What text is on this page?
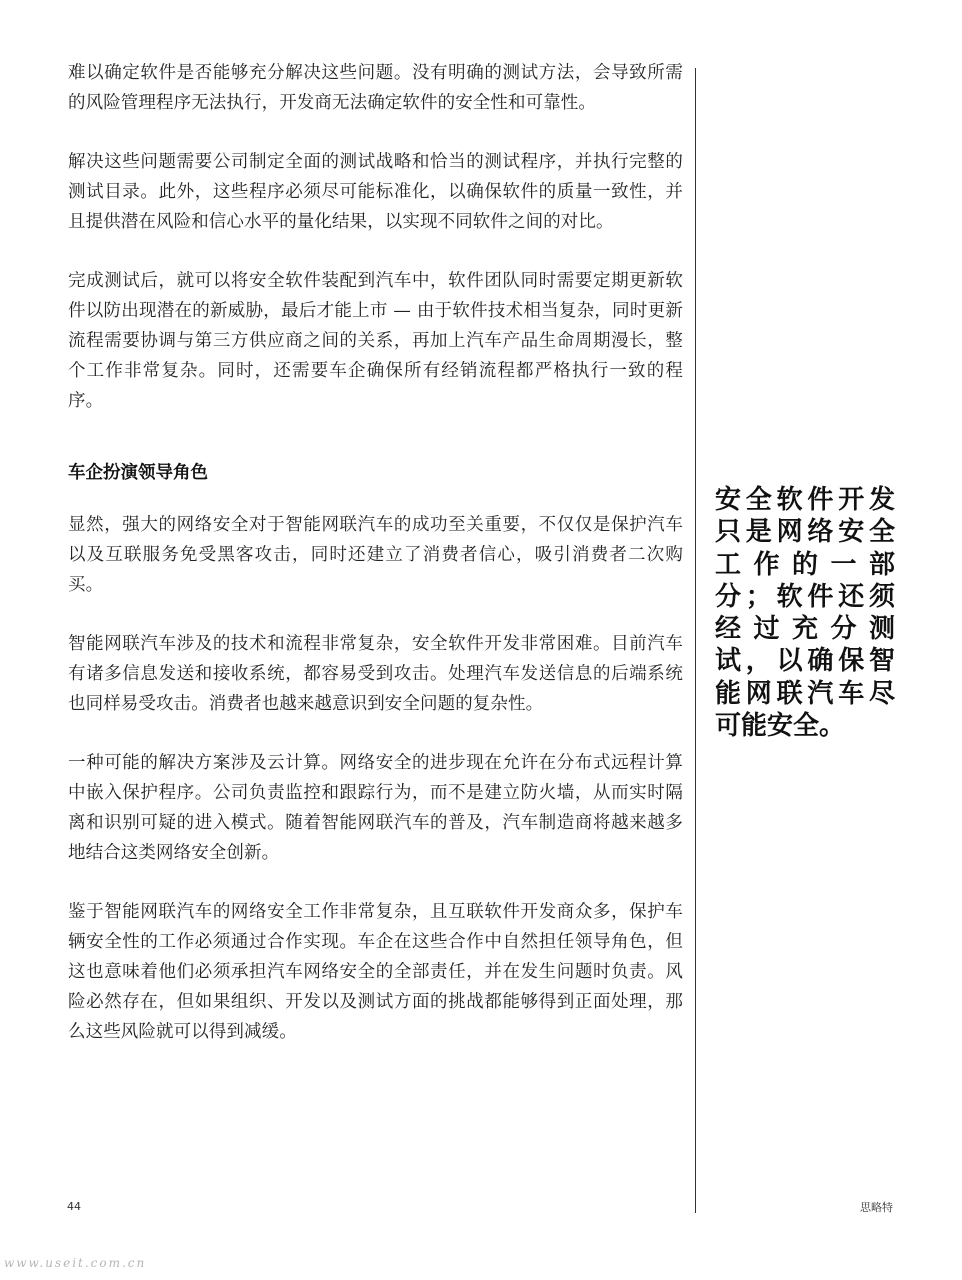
难以确定软件是否能够充分解决这些问题。没有明确的测试方法，会导致所需的风险管理程序无法执行，开发商无法确定软件的安全性和可靠性。

解决这些问题需要公司制定全面的测试战略和恰当的测试程序，并执行完整的测试目录。此外，这些程序必须尽可能标准化，以确保软件的质量一致性，并且提供潜在风险和信心水平的量化结果，以实现不同软件之间的对比。

完成测试后，就可以将安全软件装配到汽车中，软件团队同时需要定期更新软件以防出现潜在的新威胁，最后才能上市 — 由于软件技术相当复杂，同时更新流程需要协调与第三方供应商之间的关系，再加上汽车产品生命周期漫长，整个工作非常复杂。同时，还需要车企确保所有经销流程都严格执行一致的程序。

车企扮演领导角色

显然，强大的网络安全对于智能网联汽车的成功至关重要，不仅仅是保护汽车以及互联服务免受黑客攻击，同时还建立了消费者信心，吸引消费者二次购买。

智能网联汽车涉及的技术和流程非常复杂，安全软件开发非常困难。目前汽车有诸多信息发送和接收系统，都容易受到攻击。处理汽车发送信息的后端系统也同样易受攻击。消费者也越来越意识到安全问题的复杂性。

一种可能的解决方案涉及云计算。网络安全的进步现在允许在分布式远程计算中嵌入保护程序。公司负责监控和跟踪行为，而不是建立防火墙，从而实时隔离和识别可疑的进入模式。随着智能网联汽车的普及，汽车制造商将越来越多地结合这类网络安全创新。

鉴于智能网联汽车的网络安全工作非常复杂，且互联软件开发商众多，保护车辆安全性的工作必须通过合作实现。车企在这些合作中自然担任领导角色，但这也意味着他们必须承担汽车网络安全的全部责任，并在发生问题时负责。风险必然存在，但如果组织、开发以及测试方面的挑战都能够得到正面处理，那么这些风险就可以得到减缓。

安全软件开发只是网络安全工作的一部分；软件还须经过充分测试，以确保智能网联汽车尽可能安全。

44	思略特
www.useit.com.cn
